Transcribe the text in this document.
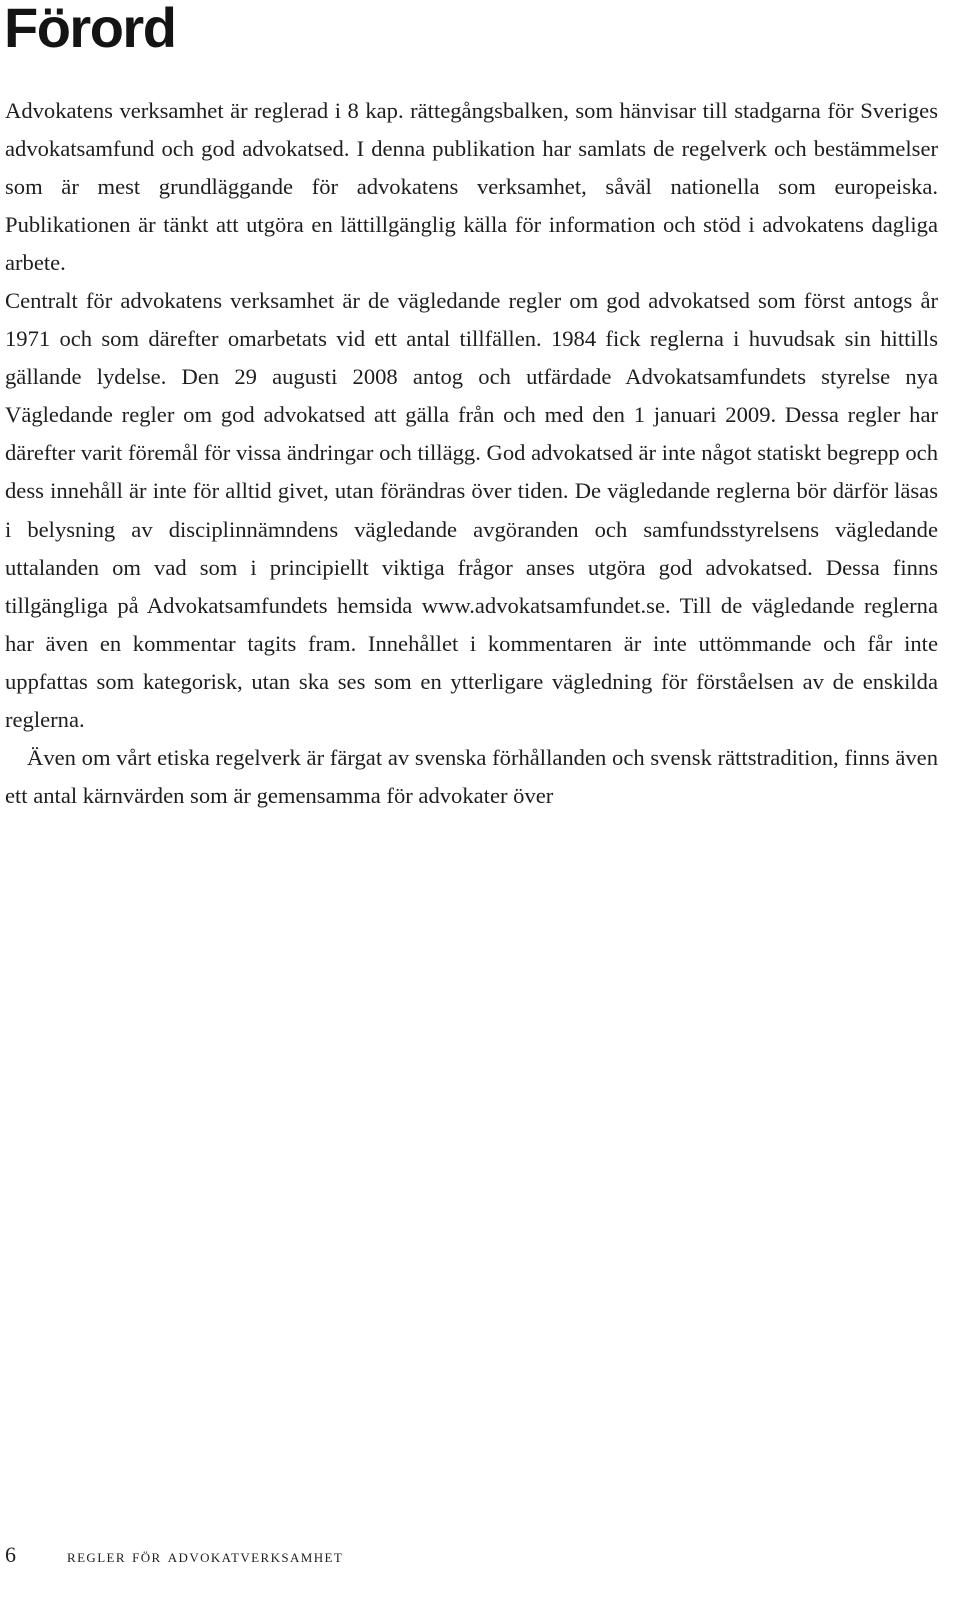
Förord

Advokatens verksamhet är reglerad i 8 kap. rättegångsbalken, som hänvisar till stadgarna för Sveriges advokatsamfund och god advokatsed. I denna publikation har samlats de regelverk och bestämmelser som är mest grundläggande för advokatens verksamhet, såväl nationella som europeiska. Publikationen är tänkt att utgöra en lättillgänglig källa för information och stöd i advokatens dagliga arbete.

Centralt för advokatens verksamhet är de vägledande regler om god advokatsed som först antogs år 1971 och som därefter omarbetats vid ett antal tillfällen. 1984 fick reglerna i huvudsak sin hittills gällande lydelse. Den 29 augusti 2008 antog och utfärdade Advokatsamfundets styrelse nya Vägledande regler om god advokatsed att gälla från och med den 1 januari 2009. Dessa regler har därefter varit föremål för vissa ändringar och tillägg. God advokatsed är inte något statiskt begrepp och dess innehåll är inte för alltid givet, utan förändras över tiden. De vägledande reglerna bör därför läsas i belysning av disciplinnämndens vägledande avgöranden och samfundsstyrelsens vägledande uttalanden om vad som i principiellt viktiga frågor anses utgöra god advokatsed. Dessa finns tillgängliga på Advokatsamfundets hemsida www.advokatsamfundet.se. Till de vägledande reglerna har även en kommentar tagits fram. Innehållet i kommentaren är inte uttömmande och får inte uppfattas som kategorisk, utan ska ses som en ytterligare vägledning för förståelsen av de enskilda reglerna.

Även om vårt etiska regelverk är färgat av svenska förhållanden och svensk rättstradition, finns även ett antal kärnvärden som är gemensamma för advokater över

6	regler för advokatverksamhet
